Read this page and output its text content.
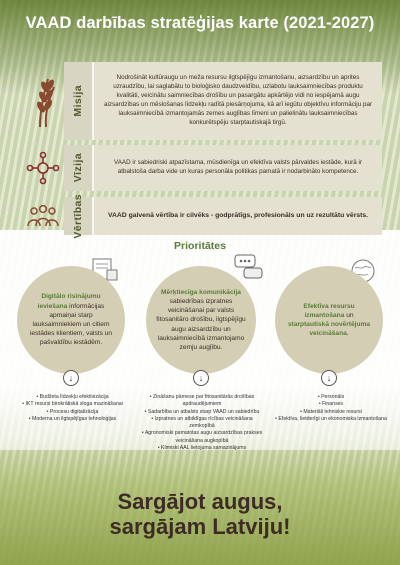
VAAD darbības stratēģijas karte (2021-2027)
Misija
Nodrošināt kultūraugu un meža resursu ilgtspējīgu izmantošanu, aizsardzību un aprites uzraudzību, lai saglabātu to bioloģisko daudzveidību, uzlabotu lauksaimniecības produktu kvalitāti, veicinātu saimniecības drošību un pasargātu apkārtējo vidi no iespējamā augu aizsardzības un mēslošanas līdzekļu radītā piesārņojuma, kā arī iegūtu objektīvu informāciju par lauksaimniecībā izmantojamās zemes augļības līmeni un palielinātu lauksaimniecības konkurētspēju starptautiskajā tirgū.
Vīzija	VAAD ir sabiedriski atpazīstama, mūsdienīga un efektīva valsts pārvaldes iestāde, kurā ir atbalstoša darba vide un kuras personāla politikas pamatā ir nodarbināto kompetence.
Vērtības	VAAD galvenā vērtība ir cilvēks - godprātīgs, profesionāls un uz rezultātu vērsts.
Prioritātes
Digitālo risinājumu ieviešana informācijas apmaiņai starp lauksaimniekiem un citiem iestādes klientiem, valsts un pašvaldību iestādēm.
Mērķtiecīga komunikācija sabiedrības izpratnes veicināšanai par valsts fitosanitāro drošību, ilgtspējīgu augu aizsardzību un lauksaimniecībā izmantojamo zemju augļību.
Efektīva resursu izmantošana un starptautiskā novērtējuma veicināšana.
↓	↓	↓
• Budžeta līdzekļu efektivizācija
• IKT resursi birokrātiskā sloga mazināšanai
• Procesu digitalizācija
• Moderna un ilgtspējīgas tehnoloģijas
• Zināšanu pārnese par fitosanitārās drošības apdraudējumiem
• Sadarbība un atbalsts starp VAAD un sabiedrību
• Izpratnes un atbildīgas rīcības veicināšana zemkopībā
• Agronomiski pamatotas augu aizsardzības prakses veicināšana augkopībā
• Klimiski AAL lietojuma samazinājums
• Personāls
• Finanses
• Materiāli tehniskie resursi
• Efektīva, lietderīgi un ekonomiska izmantošana
Sargājot augus,
sargājam Latviju!
